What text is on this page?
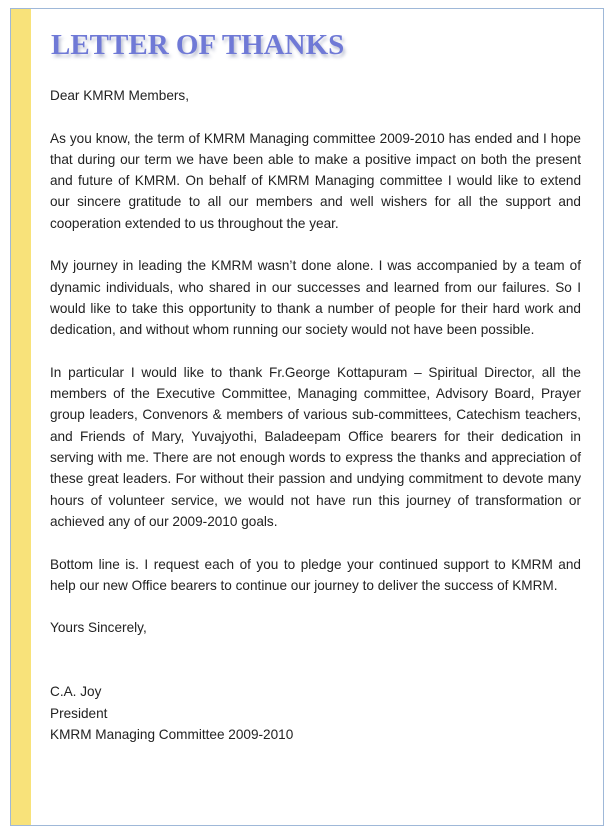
LETTER OF THANKS

Dear KMRM Members,

As you know, the term of KMRM Managing committee 2009-2010 has ended and I hope that during our term we have been able to make a positive impact on both the present and future of KMRM. On behalf of KMRM Managing committee I would like to extend our sincere gratitude to all our members and well wishers for all the support and cooperation extended to us throughout the year.

My journey in leading the KMRM wasn’t done alone. I was accompanied by a team of dynamic individuals, who shared in our successes and learned from our failures. So I would like to take this opportunity to thank a number of people for their hard work and dedication, and without whom running our society would not have been possible.

In particular I would like to thank Fr.George Kottapuram – Spiritual Director, all the members of the Executive Committee, Managing committee, Advisory Board, Prayer group leaders, Convenors & members of various sub-committees, Catechism teachers, and Friends of Mary, Yuvajyothi, Baladeepam Office bearers for their dedication in serving with me. There are not enough words to express the thanks and appreciation of these great leaders. For without their passion and undying commitment to devote many hours of volunteer service, we would not have run this journey of transformation or achieved any of our 2009-2010 goals.

Bottom line is. I request each of you to pledge your continued support to KMRM and help our new Office bearers to continue our journey to deliver the success of KMRM.

Yours Sincerely,

C.A. Joy

President

KMRM Managing Committee 2009-2010
